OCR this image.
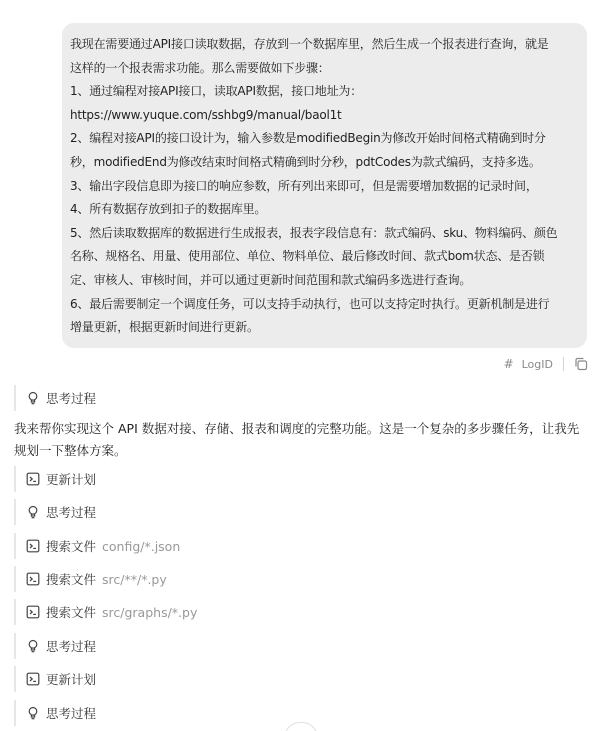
我现在需要通过API接口读取数据，存放到一个数据库里，然后生成一个报表进行查询，就是

这样的一个报表需求功能。那么需要做如下步骤：

1、通过编程对接API接口，读取API数据，接口地址为：

https://www.yuque.com/sshbg9/manual/baol1t

2、编程对接API的接口设计为，输入参数是modifiedBegin为修改开始时间格式精确到时分

秒，modifiedEnd为修改结束时间格式精确到时分秒，pdtCodes为款式编码，支持多选。

3、输出字段信息即为接口的响应参数，所有列出来即可，但是需要增加数据的记录时间，

4、所有数据存放到扣子的数据库里。

5、然后读取数据库的数据进行生成报表，报表字段信息有：款式编码、sku、物料编码、颜色

名称、规格名、用量、使用部位、单位、物料单位、最后修改时间、款式bom状态、是否锁

定、审核人、审核时间，并可以通过更新时间范围和款式编码多选进行查询。

6、最后需要制定一个调度任务，可以支持手动执行，也可以支持定时执行。更新机制是进行

增量更新，根据更新时间进行更新。

# LogID
思考过程

我来帮你实现这个 API 数据对接、存储、报表和调度的完整功能。这是一个复杂的多步骤任务，让我先规划一下整体方案。

更新计划
思考过程
搜索文件 config/*.json
搜索文件 src/**/*.py
搜索文件 src/graphs/*.py
思考过程
更新计划
思考过程
